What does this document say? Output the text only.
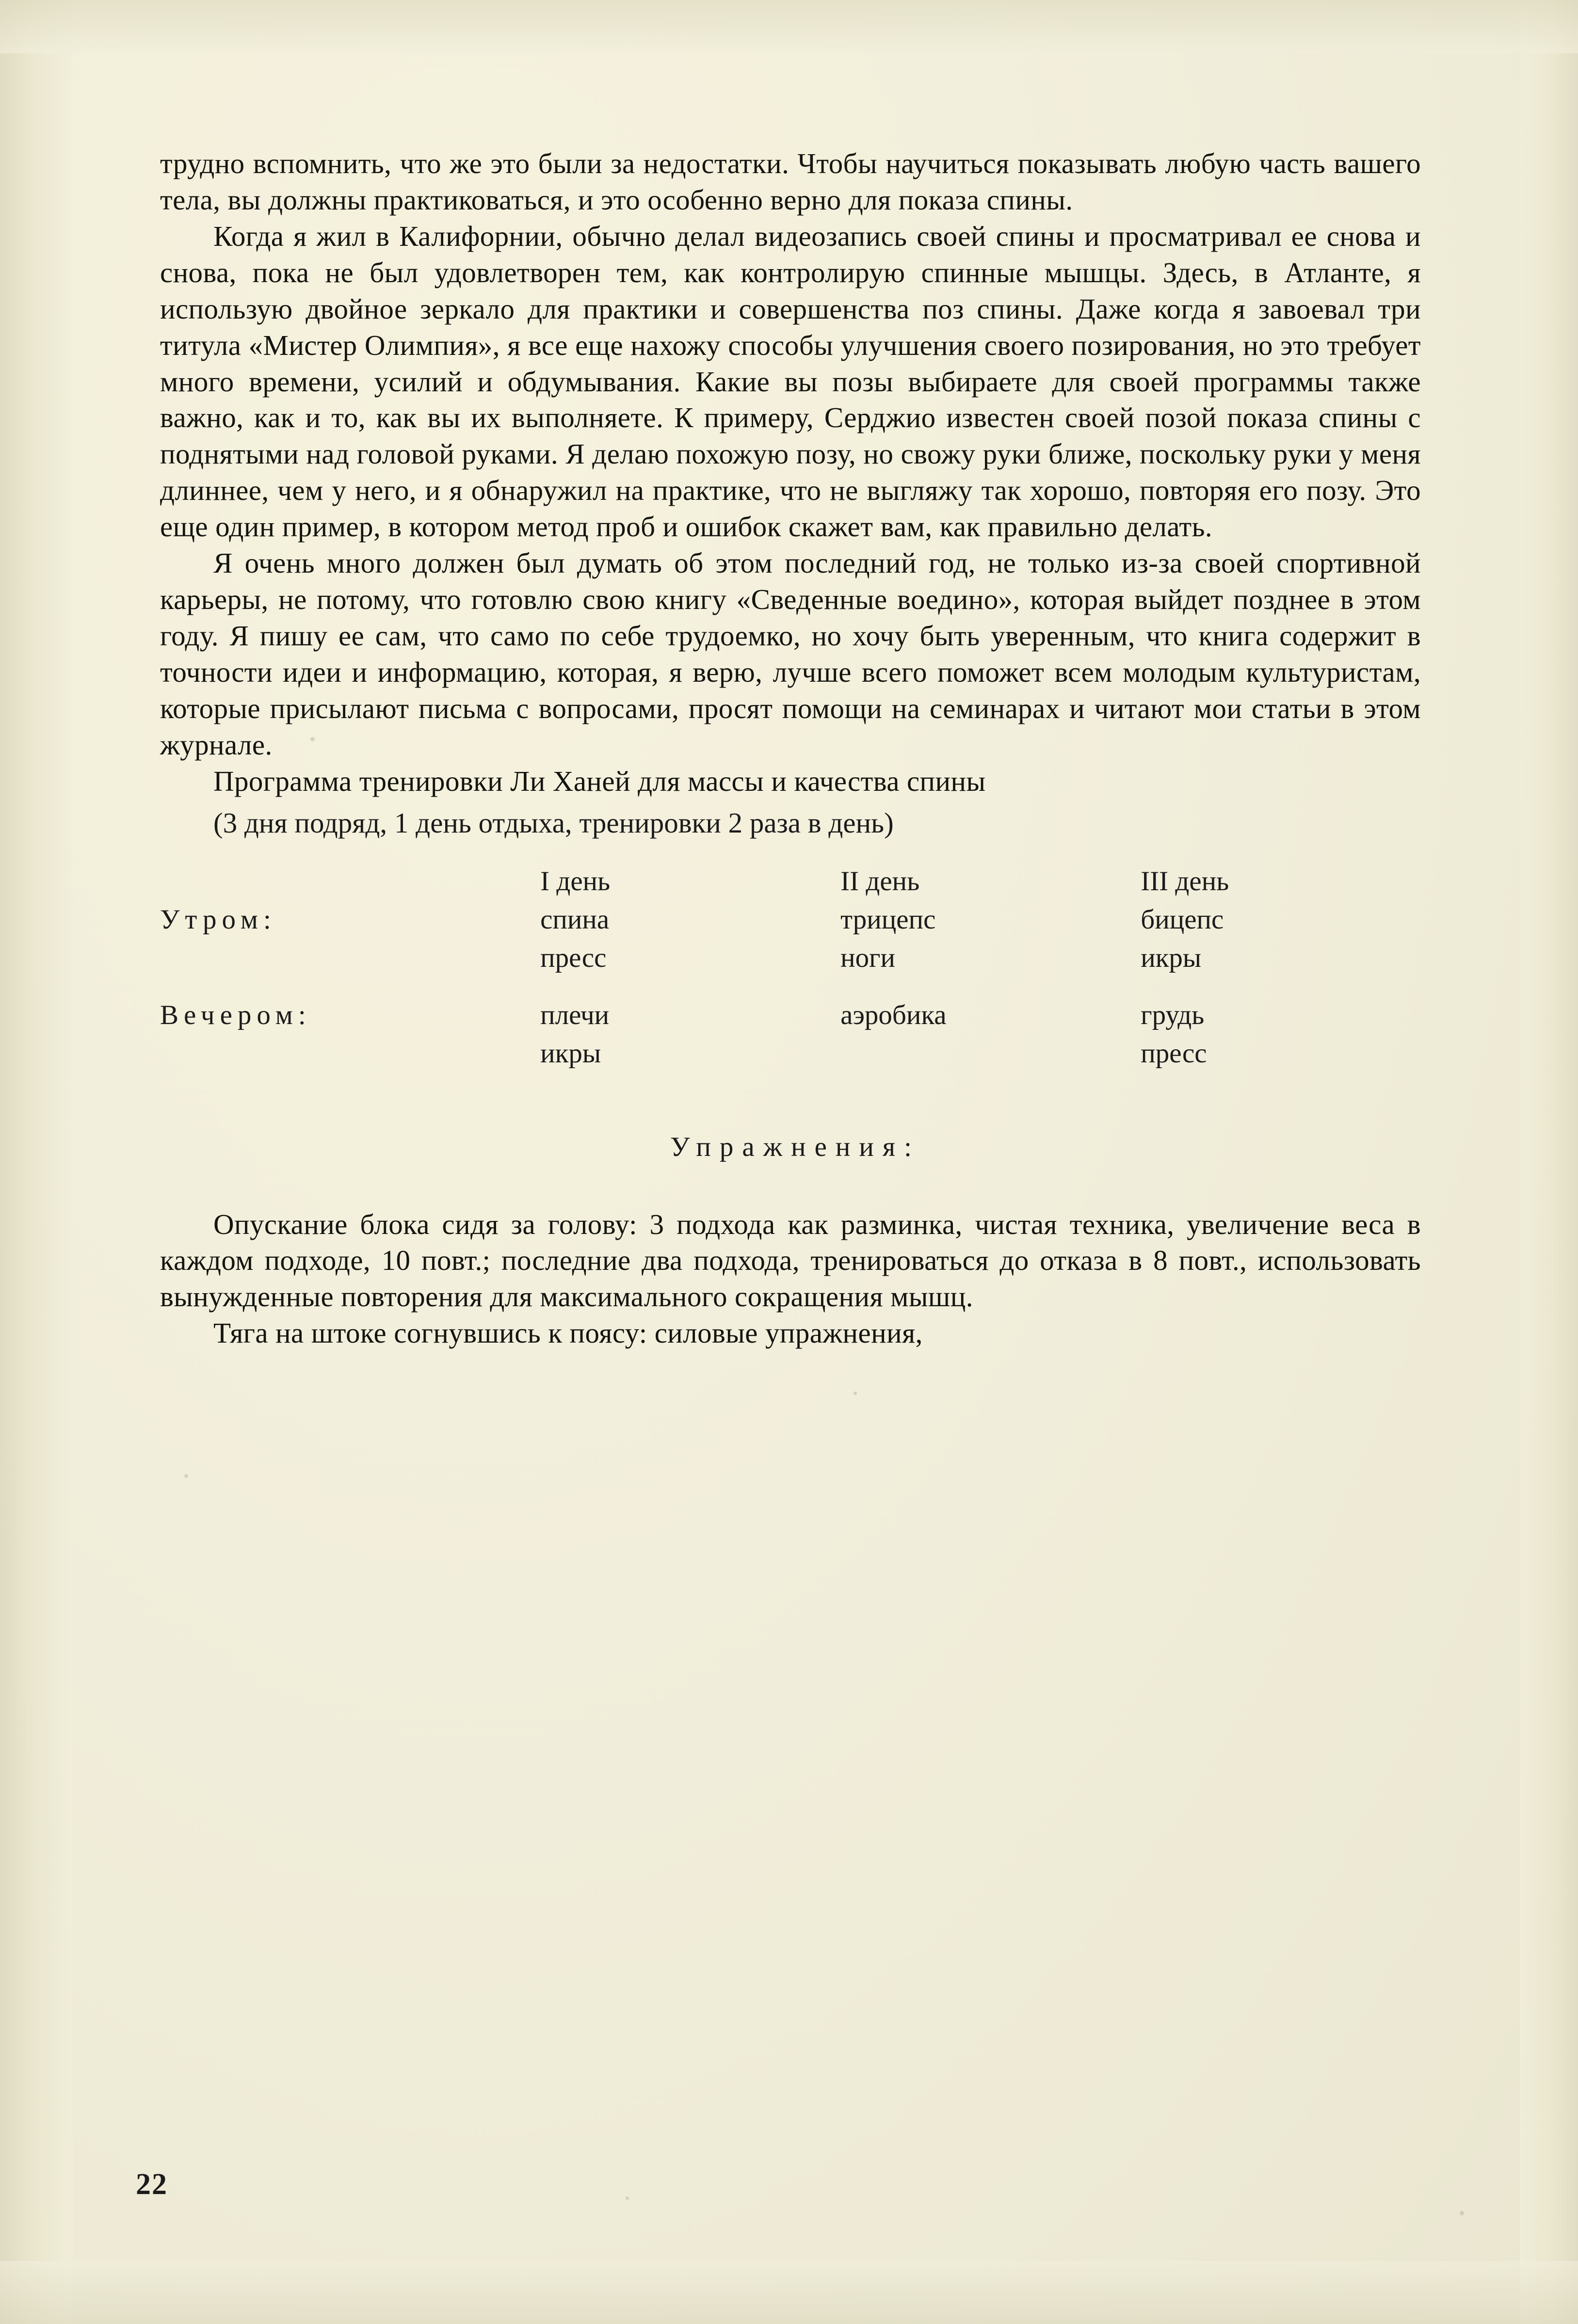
трудно вспомнить, что же это были за недостатки. Чтобы научиться показывать любую часть вашего тела, вы должны практиковаться, и это особенно верно для показа спины.

Когда я жил в Калифорнии, обычно делал видеозапись своей спины и просматривал ее снова и снова, пока не был удовлетворен тем, как контролирую спинные мышцы. Здесь, в Атланте, я использую двойное зеркало для практики и совершенства поз спины. Даже когда я завоевал три титула «Мистер Олимпия», я все еще нахожу способы улучшения своего позирования, но это требует много времени, усилий и обдумывания. Какие вы позы выбираете для своей программы также важно, как и то, как вы их выполняете. К примеру, Серджио известен своей позой показа спины с поднятыми над головой руками. Я делаю похожую позу, но свожу руки ближе, поскольку руки у меня длиннее, чем у него, и я обнаружил на практике, что не выгляжу так хорошо, повторяя его позу. Это еще один пример, в котором метод проб и ошибок скажет вам, как правильно делать.

Я очень много должен был думать об этом последний год, не только из-за своей спортивной карьеры, не потому, что готовлю свою книгу «Сведенные воедино», которая выйдет позднее в этом году. Я пишу ее сам, что само по себе трудоемко, но хочу быть уверенным, что книга содержит в точности идеи и информацию, которая, я верю, лучше всего поможет всем молодым культуристам, которые присылают письма с вопросами, просят помощи на семинарах и читают мои статьи в этом журнале.

Программа тренировки Ли Ханей для массы и качества спины

(3 дня подряд, 1 день отдыха, тренировки 2 раза в день)
	I день	II день	III день
Утром:	спина	трицепс	бицепс
	пресс	ноги	икры

Вечером:	плечи	аэробика	грудь
	икры		пресс
Упражнения:

Опускание блока сидя за голову: 3 подхода как разминка, чистая техника, увеличение веса в каждом подходе, 10 повт.; последние два подхода, тренироваться до отказа в 8 повт., использовать вынужденные повторения для максимального сокращения мышц.

Тяга на штоке согнувшись к поясу: силовые упражнения,

22
